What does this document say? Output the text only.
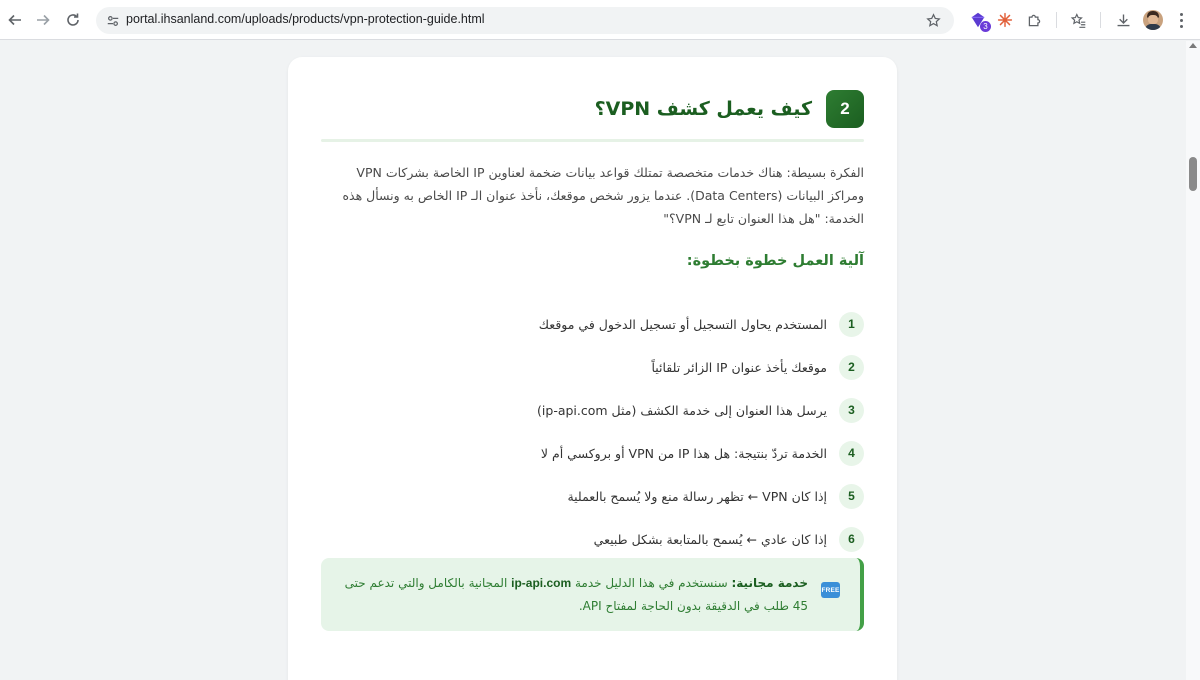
portal.ihsanland.com/uploads/products/vpn-protection-guide.html
3
2
كيف يعمل كشف VPN؟

الفكرة بسيطة: هناك خدمات متخصصة تمتلك قواعد بيانات ضخمة لعناوين IP الخاصة بشركات VPN ومراكز البيانات (Data Centers). عندما يزور شخص موقعك، نأخذ عنوان الـ IP الخاص به ونسأل هذه الخدمة: "هل هذا العنوان تابع لـ VPN؟"

آلية العمل خطوة بخطوة:
1
المستخدم يحاول التسجيل أو تسجيل الدخول في موقعك
2
موقعك يأخذ عنوان IP الزائر تلقائياً
3
يرسل هذا العنوان إلى خدمة الكشف (مثل ip-api.com)
4
الخدمة تردّ بنتيجة: هل هذا IP من VPN أو بروكسي أم لا
5
إذا كان VPN ← تظهر رسالة منع ولا يُسمح بالعملية
6
إذا كان عادي ← يُسمح بالمتابعة بشكل طبيعي
FREE

خدمة مجانية: سنستخدم في هذا الدليل خدمة ip-api.com المجانية بالكامل والتي تدعم حتى 45 طلب في الدقيقة بدون الحاجة لمفتاح API.
